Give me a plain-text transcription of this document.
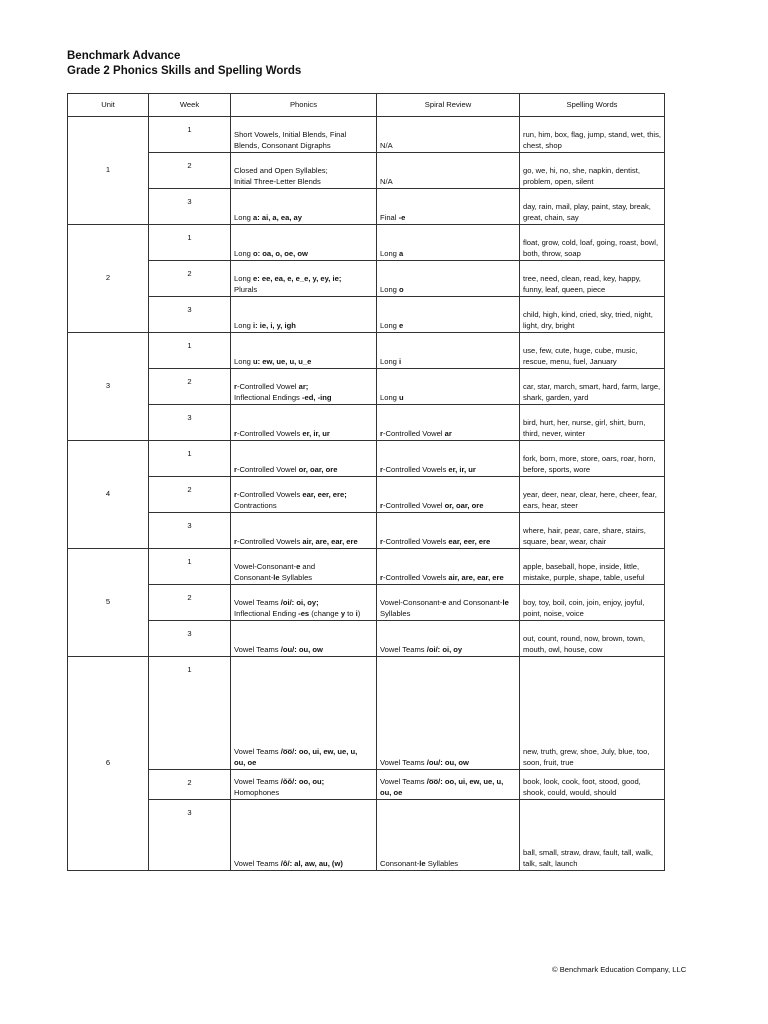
Benchmark Advance
Grade 2 Phonics Skills and Spelling Words
Unit	Week	Phonics	Spiral Review	Spelling Words
1	1	Short Vowels, Initial Blends, Final
Blends, Consonant Digraphs	N/A	run, him, box, flag, jump, stand, wet, this, chest, shop
	2	Closed and Open Syllables;
Initial Three-Letter Blends	N/A	go, we, hi, no, she, napkin, dentist, problem, open, silent
	3	Long a: ai, a, ea, ay	Final -e	day, rain, mail, play, paint, stay, break, great, chain, say
2	1	Long o: oa, o, oe, ow	Long a	float, grow, cold, loaf, going, roast, bowl, both, throw, soap
	2	Long e: ee, ea, e, e_e, y, ey, ie;
Plurals	Long o	tree, need, clean, read, key, happy, funny, leaf, queen, piece
	3	Long i: ie, i, y, igh	Long e	child, high, kind, cried, sky, tried, night, light, dry, bright
3	1	Long u: ew, ue, u, u_e	Long i	use, few, cute, huge, cube, music, rescue, menu, fuel, January
	2	r-Controlled Vowel ar;
Inflectional Endings -ed, -ing	Long u	car, star, march, smart, hard, farm, large, shark, garden, yard
	3	r-Controlled Vowels er, ir, ur	r-Controlled Vowel ar	bird, hurt, her, nurse, girl, shirt, burn, third, never, winter
4	1	r-Controlled Vowel or, oar, ore	r-Controlled Vowels er, ir, ur	fork, born, more, store, oars, roar, horn, before, sports, wore
	2	r-Controlled Vowels ear, eer, ere;
Contractions	r-Controlled Vowel or, oar, ore	year, deer, near, clear, here, cheer, fear, ears, hear, steer
	3	r-Controlled Vowels air, are, ear, ere	r-Controlled Vowels ear, eer, ere	where, hair, pear, care, share, stairs, square, bear, wear, chair
5	1	Vowel-Consonant-e and
Consonant-le Syllables	r-Controlled Vowels air, are, ear, ere	apple, baseball, hope, inside, little, mistake, purple, shape, table, useful
	2	Vowel Teams /oi/: oi, oy;
Inflectional Ending -es (change y to i)	Vowel-Consonant-e and Consonant-le
Syllables	boy, toy, boil, coin, join, enjoy, joyful, point, noise, voice
	3	Vowel Teams /ou/: ou, ow	Vowel Teams /oi/: oi, oy	out, count, round, now, brown, town, mouth, owl, house, cow
6	1	Vowel Teams /o̅o̅/: oo, ui, ew, ue, u,
ou, oe	Vowel Teams /ou/: ou, ow	new, truth, grew, shoe, July, blue, too, soon, fruit, true
	2	Vowel Teams /ŏŏ/: oo, ou;
Homophones	Vowel Teams /o̅o̅/: oo, ui, ew, ue, u,
ou, oe	book, look, cook, foot, stood, good, shook, could, would, should
	3	Vowel Teams /ô/: al, aw, au, (w)	Consonant-le Syllables	ball, small, straw, draw, fault, tall, walk, talk, salt, launch
© Benchmark Education Company, LLC
